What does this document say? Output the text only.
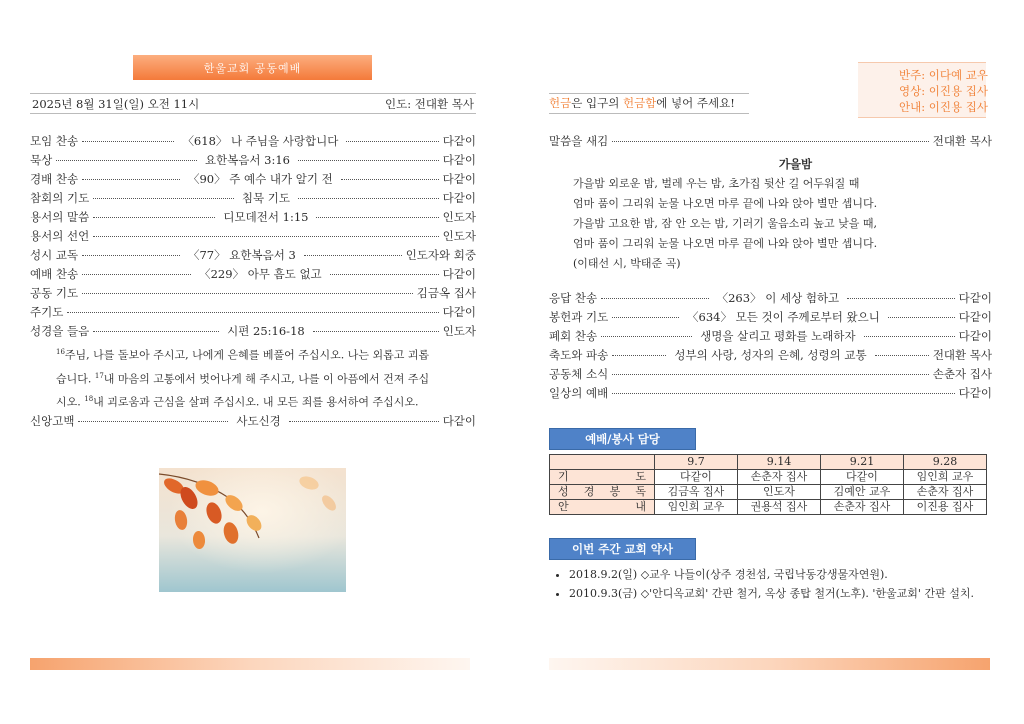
한울교회 공동예배	반주: 이다예 교우
영상: 이진용 집사
안내: 이진용 집사
2025년 8월 31일(일) 오전 11시	인도: 전대환 목사	헌금은 입구의 헌금함에 넣어 주세요!
모임 찬송	〈618〉 나 주님을 사랑합니다	다같이
묵상	요한복음서 3:16	다같이
경배 찬송	〈90〉 주 예수 내가 알기 전	다같이
참회의 기도	침묵 기도	다같이
용서의 말씀	디모데전서 1:15	인도자
용서의 선언	인도자
성시 교독	〈77〉 요한복음서 3	인도자와 회중
예배 찬송	〈229〉 아무 흠도 없고	다같이
공동 기도	김금옥 집사
주기도	다같이
성경을 들음	시편 25:16-18	인도자
$^{16}$주님, 나를 돌보아 주시고, 나에게 은혜를 베풀어 주십시오. 나는 외롭고 괴롭
습니다. $^{17}$내 마음의 고통에서 벗어나게 해 주시고, 나를 이 아픔에서 건져 주십
시오. $^{18}$내 괴로움과 근심을 살펴 주십시오. 내 모든 죄를 용서하여 주십시오.
신앙고백	사도신경	다같이
말씀을 새김	전대환 목사
가을밤
가을밤 외로운 밤, 벌레 우는 밤, 초가집 뒷산 길 어두워질 때
엄마 품이 그리워 눈물 나오면 마루 끝에 나와 앉아 별만 셉니다.
가을밤 고요한 밤, 잠 안 오는 밤, 기러기 울음소리 높고 낮을 때,
엄마 품이 그리워 눈물 나오면 마루 끝에 나와 앉아 별만 셉니다.
(이태선 시, 박태준 곡)
응답 찬송	〈263〉 이 세상 험하고	다같이
봉헌과 기도	〈634〉 모든 것이 주께로부터 왔으니	다같이
폐회 찬송	생명을 살리고 평화를 노래하자	다같이
축도와 파송	성부의 사랑, 성자의 은혜, 성령의 교통	전대환 목사
공동체 소식	손춘자 집사
일상의 예배	다같이
예배/봉사 담당
	9.7	9.14	9.21	9.28
기 도	다같이	손춘자 집사	다같이	임인희 교우
성 경 봉 독	김금옥 집사	인도자	김예안 교우	손춘자 집사
안 내	임인희 교우	권용석 집사	손춘자 집사	이진용 집사
이번 주간 교회 약사
• 2018.9.2(일) ◇교우 나들이(상주 경천섬, 국립낙동강생물자연원).
• 2010.9.3(금) ◇'안디옥교회' 간판 철거, 옥상 종탑 철거(노후). '한울교회' 간판 설치.
